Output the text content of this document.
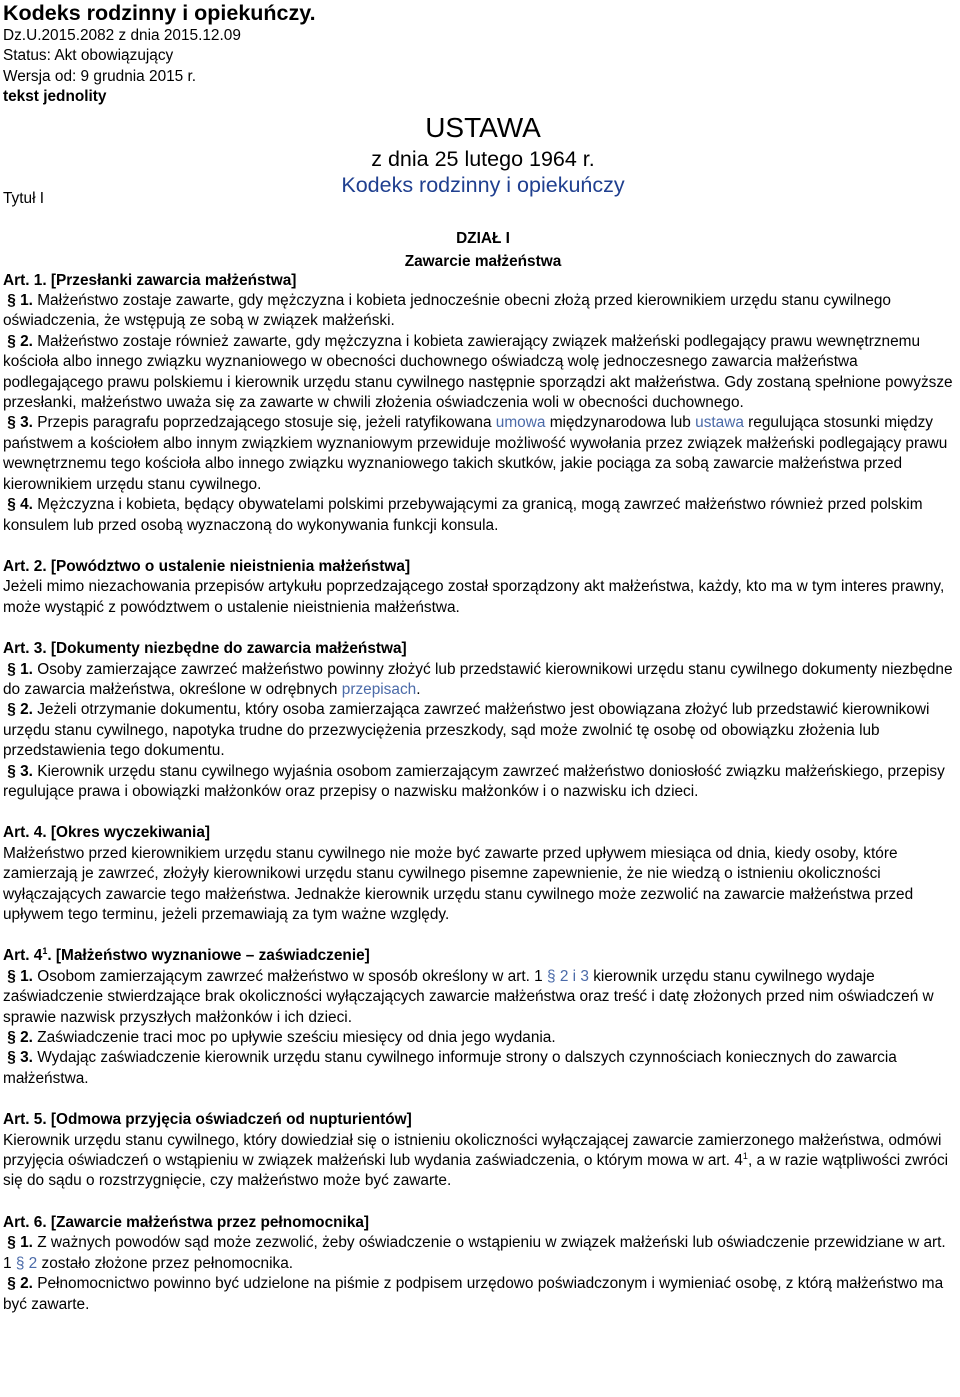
Kodeks rodzinny i opiekuńczy.
Dz.U.2015.2082 z dnia 2015.12.09
Status: Akt obowiązujący
Wersja od: 9 grudnia 2015 r.
tekst jednolity
USTAWA
z dnia 25 lutego 1964 r.
Kodeks rodzinny i opiekuńczy
Tytuł I
DZIAŁ I
Zawarcie małżeństwa
Art. 1. [Przesłanki zawarcia małżeństwa]

§ 1. Małżeństwo zostaje zawarte, gdy mężczyzna i kobieta jednocześnie obecni złożą przed kierownikiem urzędu stanu cywilnego oświadczenia, że wstępują ze sobą w związek małżeński.

§ 2. Małżeństwo zostaje również zawarte, gdy mężczyzna i kobieta zawierający związek małżeński podlegający prawu wewnętrznemu kościoła albo innego związku wyznaniowego w obecności duchownego oświadczą wolę jednoczesnego zawarcia małżeństwa podlegającego prawu polskiemu i kierownik urzędu stanu cywilnego następnie sporządzi akt małżeństwa. Gdy zostaną spełnione powyższe przesłanki, małżeństwo uważa się za zawarte w chwili złożenia oświadczenia woli w obecności duchownego.

§ 3. Przepis paragrafu poprzedzającego stosuje się, jeżeli ratyfikowana umowa międzynarodowa lub ustawa regulująca stosunki między państwem a kościołem albo innym związkiem wyznaniowym przewiduje możliwość wywołania przez związek małżeński podlegający prawu wewnętrznemu tego kościoła albo innego związku wyznaniowego takich skutków, jakie pociąga za sobą zawarcie małżeństwa przed kierownikiem urzędu stanu cywilnego.

§ 4. Mężczyzna i kobieta, będący obywatelami polskimi przebywającymi za granicą, mogą zawrzeć małżeństwo również przed polskim konsulem lub przed osobą wyznaczoną do wykonywania funkcji konsula.

Art. 2. [Powództwo o ustalenie nieistnienia małżeństwa]

Jeżeli mimo niezachowania przepisów artykułu poprzedzającego został sporządzony akt małżeństwa, każdy, kto ma w tym interes prawny, może wystąpić z powództwem o ustalenie nieistnienia małżeństwa.

Art. 3. [Dokumenty niezbędne do zawarcia małżeństwa]

§ 1. Osoby zamierzające zawrzeć małżeństwo powinny złożyć lub przedstawić kierownikowi urzędu stanu cywilnego dokumenty niezbędne do zawarcia małżeństwa, określone w odrębnych przepisach.

§ 2. Jeżeli otrzymanie dokumentu, który osoba zamierzająca zawrzeć małżeństwo jest obowiązana złożyć lub przedstawić kierownikowi urzędu stanu cywilnego, napotyka trudne do przezwyciężenia przeszkody, sąd może zwolnić tę osobę od obowiązku złożenia lub przedstawienia tego dokumentu.

§ 3. Kierownik urzędu stanu cywilnego wyjaśnia osobom zamierzającym zawrzeć małżeństwo doniosłość związku małżeńskiego, przepisy regulujące prawa i obowiązki małżonków oraz przepisy o nazwisku małżonków i o nazwisku ich dzieci.

Art. 4. [Okres wyczekiwania]

Małżeństwo przed kierownikiem urzędu stanu cywilnego nie może być zawarte przed upływem miesiąca od dnia, kiedy osoby, które zamierzają je zawrzeć, złożyły kierownikowi urzędu stanu cywilnego pisemne zapewnienie, że nie wiedzą o istnieniu okoliczności wyłączających zawarcie tego małżeństwa. Jednakże kierownik urzędu stanu cywilnego może zezwolić na zawarcie małżeństwa przed upływem tego terminu, jeżeli przemawiają za tym ważne względy.

Art. $4^1$. [Małżeństwo wyznaniowe – zaświadczenie]

§ 1. Osobom zamierzającym zawrzeć małżeństwo w sposób określony w art. 1 § 2 i 3 kierownik urzędu stanu cywilnego wydaje zaświadczenie stwierdzające brak okoliczności wyłączających zawarcie małżeństwa oraz treść i datę złożonych przed nim oświadczeń w sprawie nazwisk przyszłych małżonków i ich dzieci.

§ 2. Zaświadczenie traci moc po upływie sześciu miesięcy od dnia jego wydania.

§ 3. Wydając zaświadczenie kierownik urzędu stanu cywilnego informuje strony o dalszych czynnościach koniecznych do zawarcia małżeństwa.

Art. 5. [Odmowa przyjęcia oświadczeń od nupturientów]

Kierownik urzędu stanu cywilnego, który dowiedział się o istnieniu okoliczności wyłączającej zawarcie zamierzonego małżeństwa, odmówi przyjęcia oświadczeń o wstąpieniu w związek małżeński lub wydania zaświadczenia, o którym mowa w art. $4^1$, a w razie wątpliwości zwróci się do sądu o rozstrzygnięcie, czy małżeństwo może być zawarte.

Art. 6. [Zawarcie małżeństwa przez pełnomocnika]

§ 1. Z ważnych powodów sąd może zezwolić, żeby oświadczenie o wstąpieniu w związek małżeński lub oświadczenie przewidziane w art. 1 § 2 zostało złożone przez pełnomocnika.

§ 2. Pełnomocnictwo powinno być udzielone na piśmie z podpisem urzędowo poświadczonym i wymieniać osobę, z którą małżeństwo ma być zawarte.
